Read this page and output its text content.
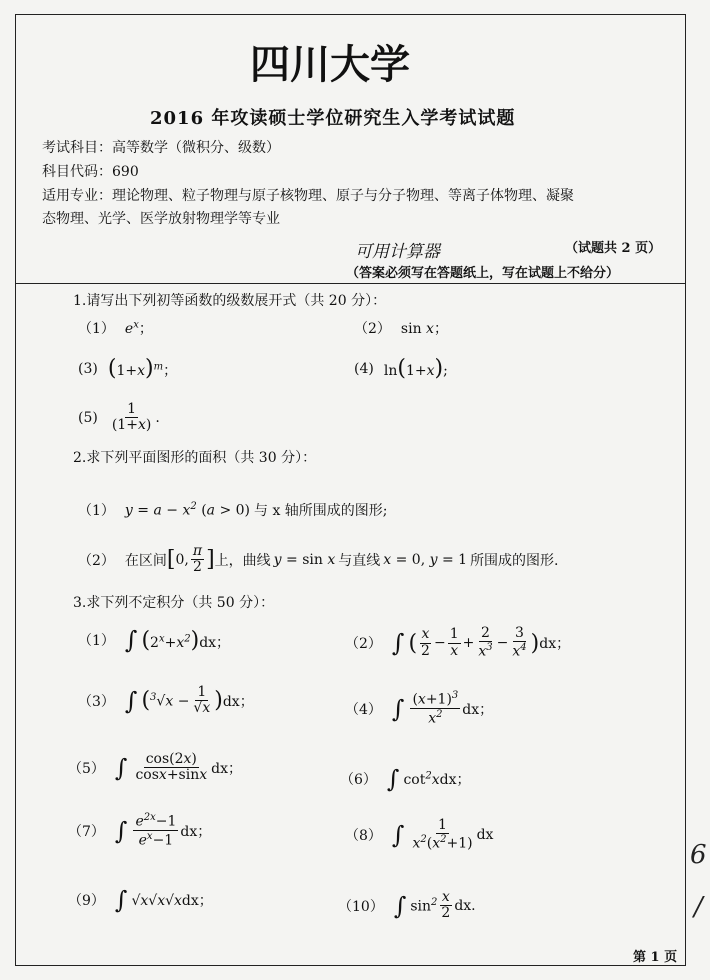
四川大学
2016 年攻读硕士学位研究生入学考试试题
考试科目：高等数学（微积分、级数）
科目代码：690
适用专业：理论物理、粒子物理与原子核物理、原子与分子物理、等离子体物理、凝聚
态物理、光学、医学放射物理学等专业
可用计算器	（试题共 2 页）
（答案必须写在答题纸上，写在试题上不给分）
1.请写出下列初等函数的级数展开式（共 20 分）：
（1） $e^x$；	（2） sin x；
(3) $(1+x)^m$；	(4) ln(1+x);
$(5) \frac{1}{(1+x)}$ .
2.求下列平面图形的面积（共 30 分）：
（1） $y = a - x^2$ (a > 0) 与 x 轴所围成的图形;
（2） 在区间 [ 0, $\frac{\pi}{2}$ ] 上，曲线 y = sin x 与直线 x = 0, y = 1 所围成的图形.
3.求下列不定积分（共 50 分）：
（1） ∫ $(2^x+x^2)dx$；	（2） ∫ ( $\frac{x}{2} - \frac{1}{x} + \frac{2}{x^3} - \frac{3}{x^4}$ ) dx；
（3） ∫ ( $^3√x - \frac{1}{√x}$ ) dx；	（4） ∫ $\frac{(x+1)^3}{x^2}$ dx；
（5） ∫ $\frac{\cos(2x)}{\cos x+\sin x}$ dx；
（6） ∫ $\cot^2xdx$；
（7） ∫ $\frac{e^{2x}-1}{e^x-1}$ dx；	（8） ∫ $\frac{1}{x^2(x^2+1)}$ dx
（9） ∫ √x√x√xdx；	（10） ∫ $\sin^2 \frac{x}{2}$ dx.
第 1 页
6
/
